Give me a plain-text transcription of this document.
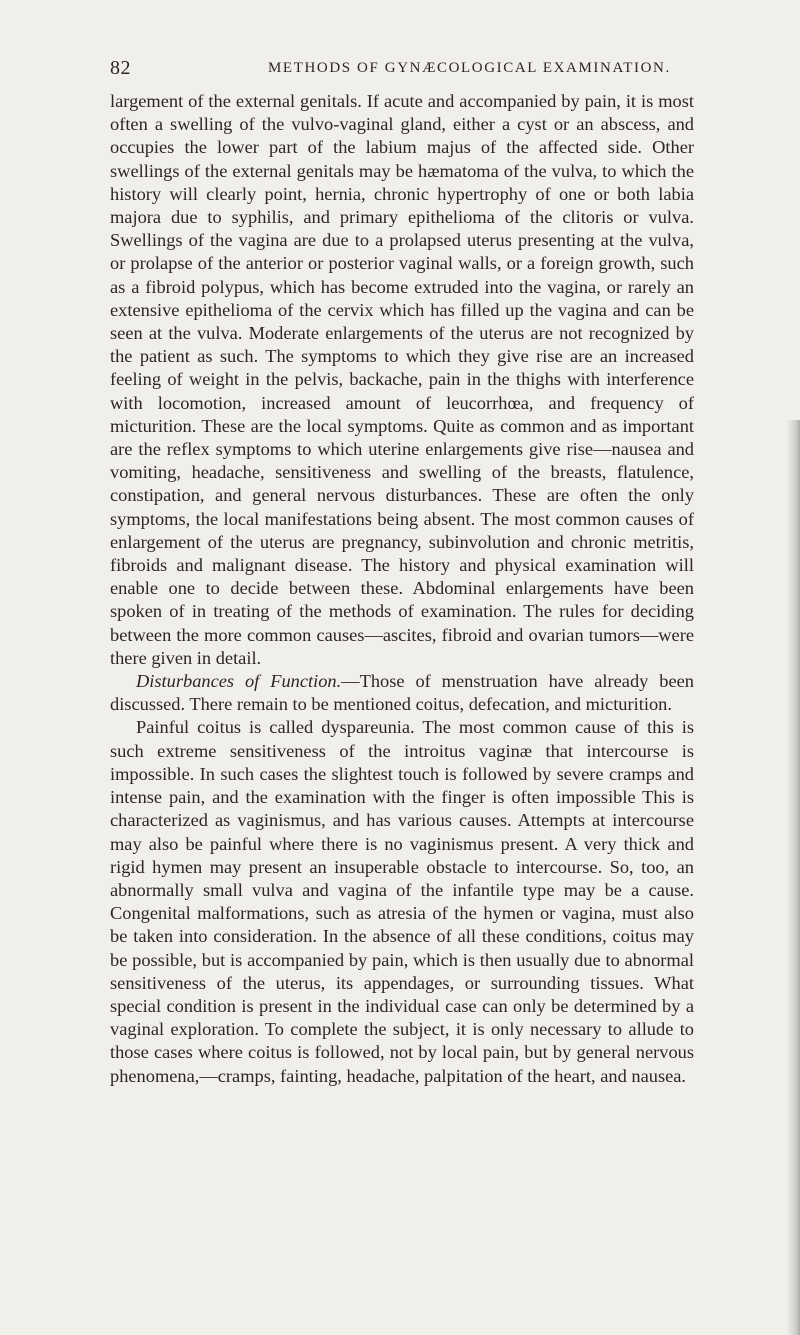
82	METHODS OF GYNÆCOLOGICAL EXAMINATION.

largement of the external genitals. If acute and accompanied by pain, it is most often a swelling of the vulvo-vaginal gland, either a cyst or an abscess, and occupies the lower part of the labium majus of the affected side. Other swellings of the external genitals may be hæmatoma of the vulva, to which the history will clearly point, hernia, chronic hypertrophy of one or both labia majora due to syphilis, and primary epithelioma of the clitoris or vulva. Swellings of the vagina are due to a prolapsed uterus presenting at the vulva, or prolapse of the anterior or posterior vaginal walls, or a foreign growth, such as a fibroid polypus, which has become extruded into the vagina, or rarely an extensive epithelioma of the cervix which has filled up the vagina and can be seen at the vulva. Moderate enlargements of the uterus are not recognized by the patient as such. The symptoms to which they give rise are an increased feeling of weight in the pelvis, backache, pain in the thighs with interference with locomotion, increased amount of leucorrhœa, and frequency of micturition. These are the local symptoms. Quite as common and as important are the reflex symptoms to which uterine enlargements give rise—nausea and vomiting, headache, sensitiveness and swelling of the breasts, flatulence, constipation, and general nervous disturbances. These are often the only symptoms, the local manifestations being absent. The most common causes of enlargement of the uterus are pregnancy, subinvolution and chronic metritis, fibroids and malignant disease. The history and physical examination will enable one to decide between these. Abdominal enlargements have been spoken of in treating of the methods of examination. The rules for deciding between the more common causes—ascites, fibroid and ovarian tumors—were there given in detail.

Disturbances of Function.—Those of menstruation have already been discussed. There remain to be mentioned coitus, defecation, and micturition.

Painful coitus is called dyspareunia. The most common cause of this is such extreme sensitiveness of the introitus vaginæ that intercourse is impossible. In such cases the slightest touch is followed by severe cramps and intense pain, and the examination with the finger is often impossible This is characterized as vaginismus, and has various causes. Attempts at intercourse may also be painful where there is no vaginismus present. A very thick and rigid hymen may present an insuperable obstacle to intercourse. So, too, an abnormally small vulva and vagina of the infantile type may be a cause. Congenital malformations, such as atresia of the hymen or vagina, must also be taken into consideration. In the absence of all these conditions, coitus may be possible, but is accompanied by pain, which is then usually due to abnormal sensitiveness of the uterus, its appendages, or surrounding tissues. What special condition is present in the individual case can only be determined by a vaginal exploration. To complete the subject, it is only necessary to allude to those cases where coitus is followed, not by local pain, but by general nervous phenomena,—cramps, fainting, headache, palpitation of the heart, and nausea.
